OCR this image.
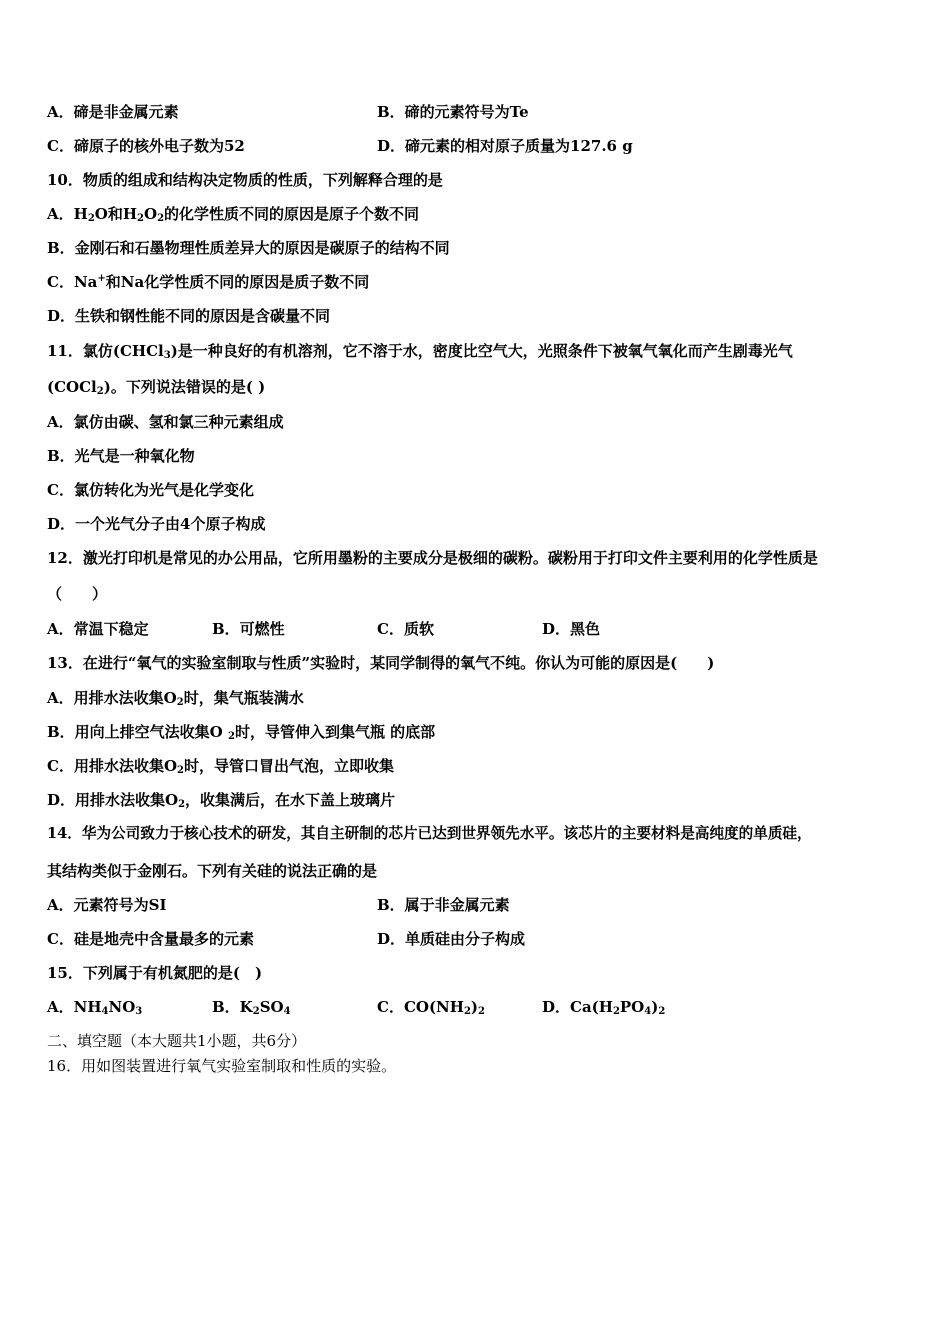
A．碲是非金属元素	B．碲的元素符号为Te
C．碲原子的核外电子数为52	D．碲元素的相对原子质量为127.6 g
10．物质的组成和结构决定物质的性质，下列解释合理的是
A．$H_2O$和$H_2O_2$的化学性质不同的原因是原子个数不同
B．金刚石和石墨物理性质差异大的原因是碳原子的结构不同
C．Na+和Na化学性质不同的原因是质子数不同
D．生铁和钢性能不同的原因是含碳量不同
11．氯仿(CHCl$_3$)是一种良好的有机溶剂，它不溶于水，密度比空气大，光照条件下被氧气氧化而产生剧毒光气
(COCl$_2$)。下列说法错误的是( )
A．氯仿由碳、氢和氯三种元素组成
B．光气是一种氧化物
C．氯仿转化为光气是化学变化
D．一个光气分子由4个原子构成
12．激光打印机是常见的办公用品，它所用墨粉的主要成分是极细的碳粉。碳粉用于打印文件主要利用的化学性质是
（　　）
A．常温下稳定	B．可燃性	C．质软	D．黑色
13．在进行“氧气的实验室制取与性质”实验时，某同学制得的氧气不纯。你认为可能的原因是(　　)
A．用排水法收集$O_2$时，集气瓶装满水
B．用向上排空气法收集O $_2$时，导管伸入到集气瓶 的底部
C．用排水法收集$O_2$时，导管口冒出气泡，立即收集
D．用排水法收集$O_2$，收集满后，在水下盖上玻璃片
14．华为公司致力于核心技术的研发，其自主研制的芯片已达到世界领先水平。该芯片的主要材料是高纯度的单质硅，
其结构类似于金刚石。下列有关硅的说法正确的是
A．元素符号为SI	B．属于非金属元素
C．硅是地壳中含量最多的元素	D．单质硅由分子构成
15．下列属于有机氮肥的是(　)
A．$NH_4NO_3$	B．$K_2SO_4$	C．$CO(NH_2)_2$	D．$Ca(H_2PO_4)_2$
二、填空题（本大题共1小题，共6分）
16．用如图装置进行氧气实验室制取和性质的实验。
